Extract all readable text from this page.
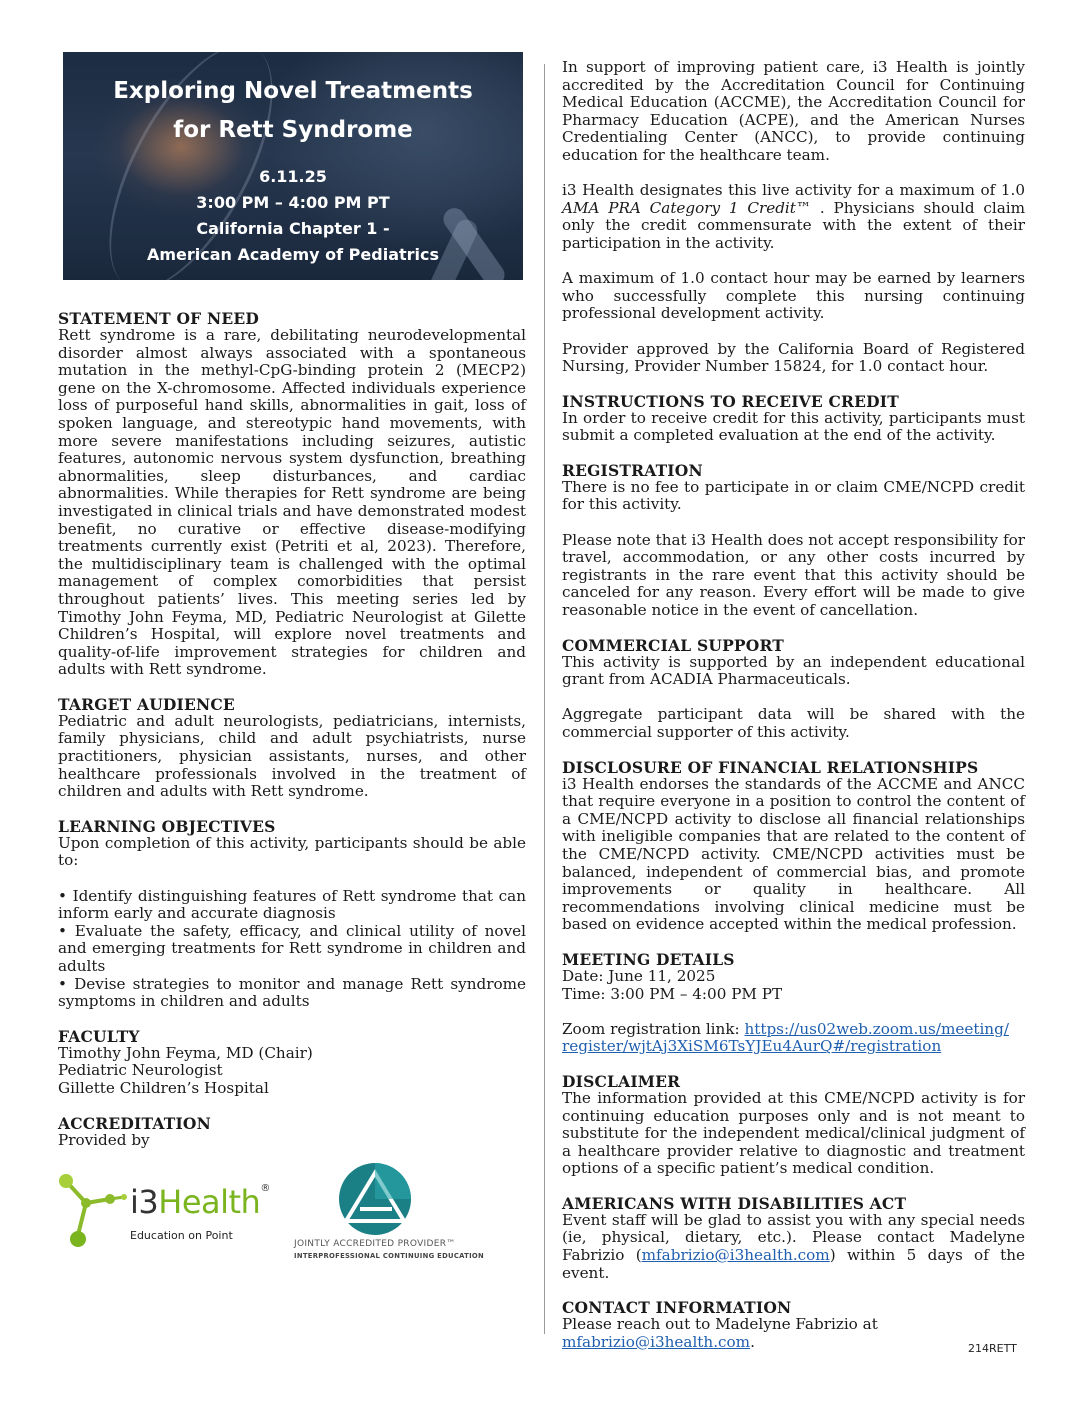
Exploring Novel Treatments
for Rett Syndrome
6.11.25
3:00 PM – 4:00 PM PT
California Chapter 1 -
American Academy of Pediatrics
STATEMENT OF NEED

Rett syndrome is a rare, debilitating neurodevelopmental disorder almost always associated with a spontaneous mutation in the methyl-CpG-binding protein 2 (MECP2) gene on the X-chromosome. Affected individuals experience loss of purposeful hand skills, abnormalities in gait, loss of spoken language, and stereotypic hand movements, with more severe manifestations including seizures, autistic features, autonomic nervous system dysfunction, breathing abnormalities, sleep disturbances, and cardiac abnormalities. While therapies for Rett syndrome are being investigated in clinical trials and have demonstrated modest benefit, no curative or effective disease-modifying treatments currently exist (Petriti et al, 2023). Therefore, the multidisciplinary team is challenged with the optimal management of complex comorbidities that persist throughout patients’ lives. This meeting series led by Timothy John Feyma, MD, Pediatric Neurologist at Gilette Children’s Hospital, will explore novel treatments and quality-of-life improvement strategies for children and adults with Rett syndrome.

TARGET AUDIENCE

Pediatric and adult neurologists, pediatricians, internists, family physicians, child and adult psychiatrists, nurse practitioners, physician assistants, nurses, and other healthcare professionals involved in the treatment of children and adults with Rett syndrome.

LEARNING OBJECTIVES

Upon completion of this activity, participants should be able to:

• Identify distinguishing features of Rett syndrome that can inform early and accurate diagnosis

• Evaluate the safety, efficacy, and clinical utility of novel and emerging treatments for Rett syndrome in children and adults

• Devise strategies to monitor and manage Rett syndrome symptoms in children and adults

FACULTY
Timothy John Feyma, MD (Chair)
Pediatric Neurologist
Gillette Children’s Hospital
ACCREDITATION
Provided by
i3Health®
Education on Point
JOINTLY ACCREDITED PROVIDER™
INTERPROFESSIONAL CONTINUING EDUCATION

In support of improving patient care, i3 Health is jointly accredited by the Accreditation Council for Continuing Medical Education (ACCME), the Accreditation Council for Pharmacy Education (ACPE), and the American Nurses Credentialing Center (ANCC), to provide continuing education for the healthcare team.

i3 Health designates this live activity for a maximum of 1.0 AMA PRA Category 1 Credit™ . Physicians should claim only the credit commensurate with the extent of their participation in the activity.

A maximum of 1.0 contact hour may be earned by learners who successfully complete this nursing continuing professional development activity.

Provider approved by the California Board of Registered Nursing, Provider Number 15824, for 1.0 contact hour.

INSTRUCTIONS TO RECEIVE CREDIT

In order to receive credit for this activity, participants must submit a completed evaluation at the end of the activity.

REGISTRATION

There is no fee to participate in or claim CME/NCPD credit for this activity.

Please note that i3 Health does not accept responsibility for travel, accommodation, or any other costs incurred by registrants in the rare event that this activity should be canceled for any reason. Every effort will be made to give reasonable notice in the event of cancellation.

COMMERCIAL SUPPORT

This activity is supported by an independent educational grant from ACADIA Pharmaceuticals.

Aggregate participant data will be shared with the commercial supporter of this activity.

DISCLOSURE OF FINANCIAL RELATIONSHIPS

i3 Health endorses the standards of the ACCME and ANCC that require everyone in a position to control the content of a CME/NCPD activity to disclose all financial relationships with ineligible companies that are related to the content of the CME/NCPD activity. CME/NCPD activities must be balanced, independent of commercial bias, and promote improvements or quality in healthcare. All recommendations involving clinical medicine must be based on evidence accepted within the medical profession.

MEETING DETAILS
Date: June 11, 2025
Time: 3:00 PM – 4:00 PM PT

Zoom registration link: https://us02web.zoom.us/meeting/
register/wjtAj3XiSM6TsYJEu4AurQ#/registration

DISCLAIMER

The information provided at this CME/NCPD activity is for continuing education purposes only and is not meant to substitute for the independent medical/clinical judgment of a healthcare provider relative to diagnostic and treatment options of a specific patient’s medical condition.

AMERICANS WITH DISABILITIES ACT

Event staff will be glad to assist you with any special needs (ie, physical, dietary, etc.). Please contact Madelyne Fabrizio (mfabrizio@i3health.com) within 5 days of the event.

CONTACT INFORMATION
Please reach out to Madelyne Fabrizio at
mfabrizio@i3health.com.	214RETT
